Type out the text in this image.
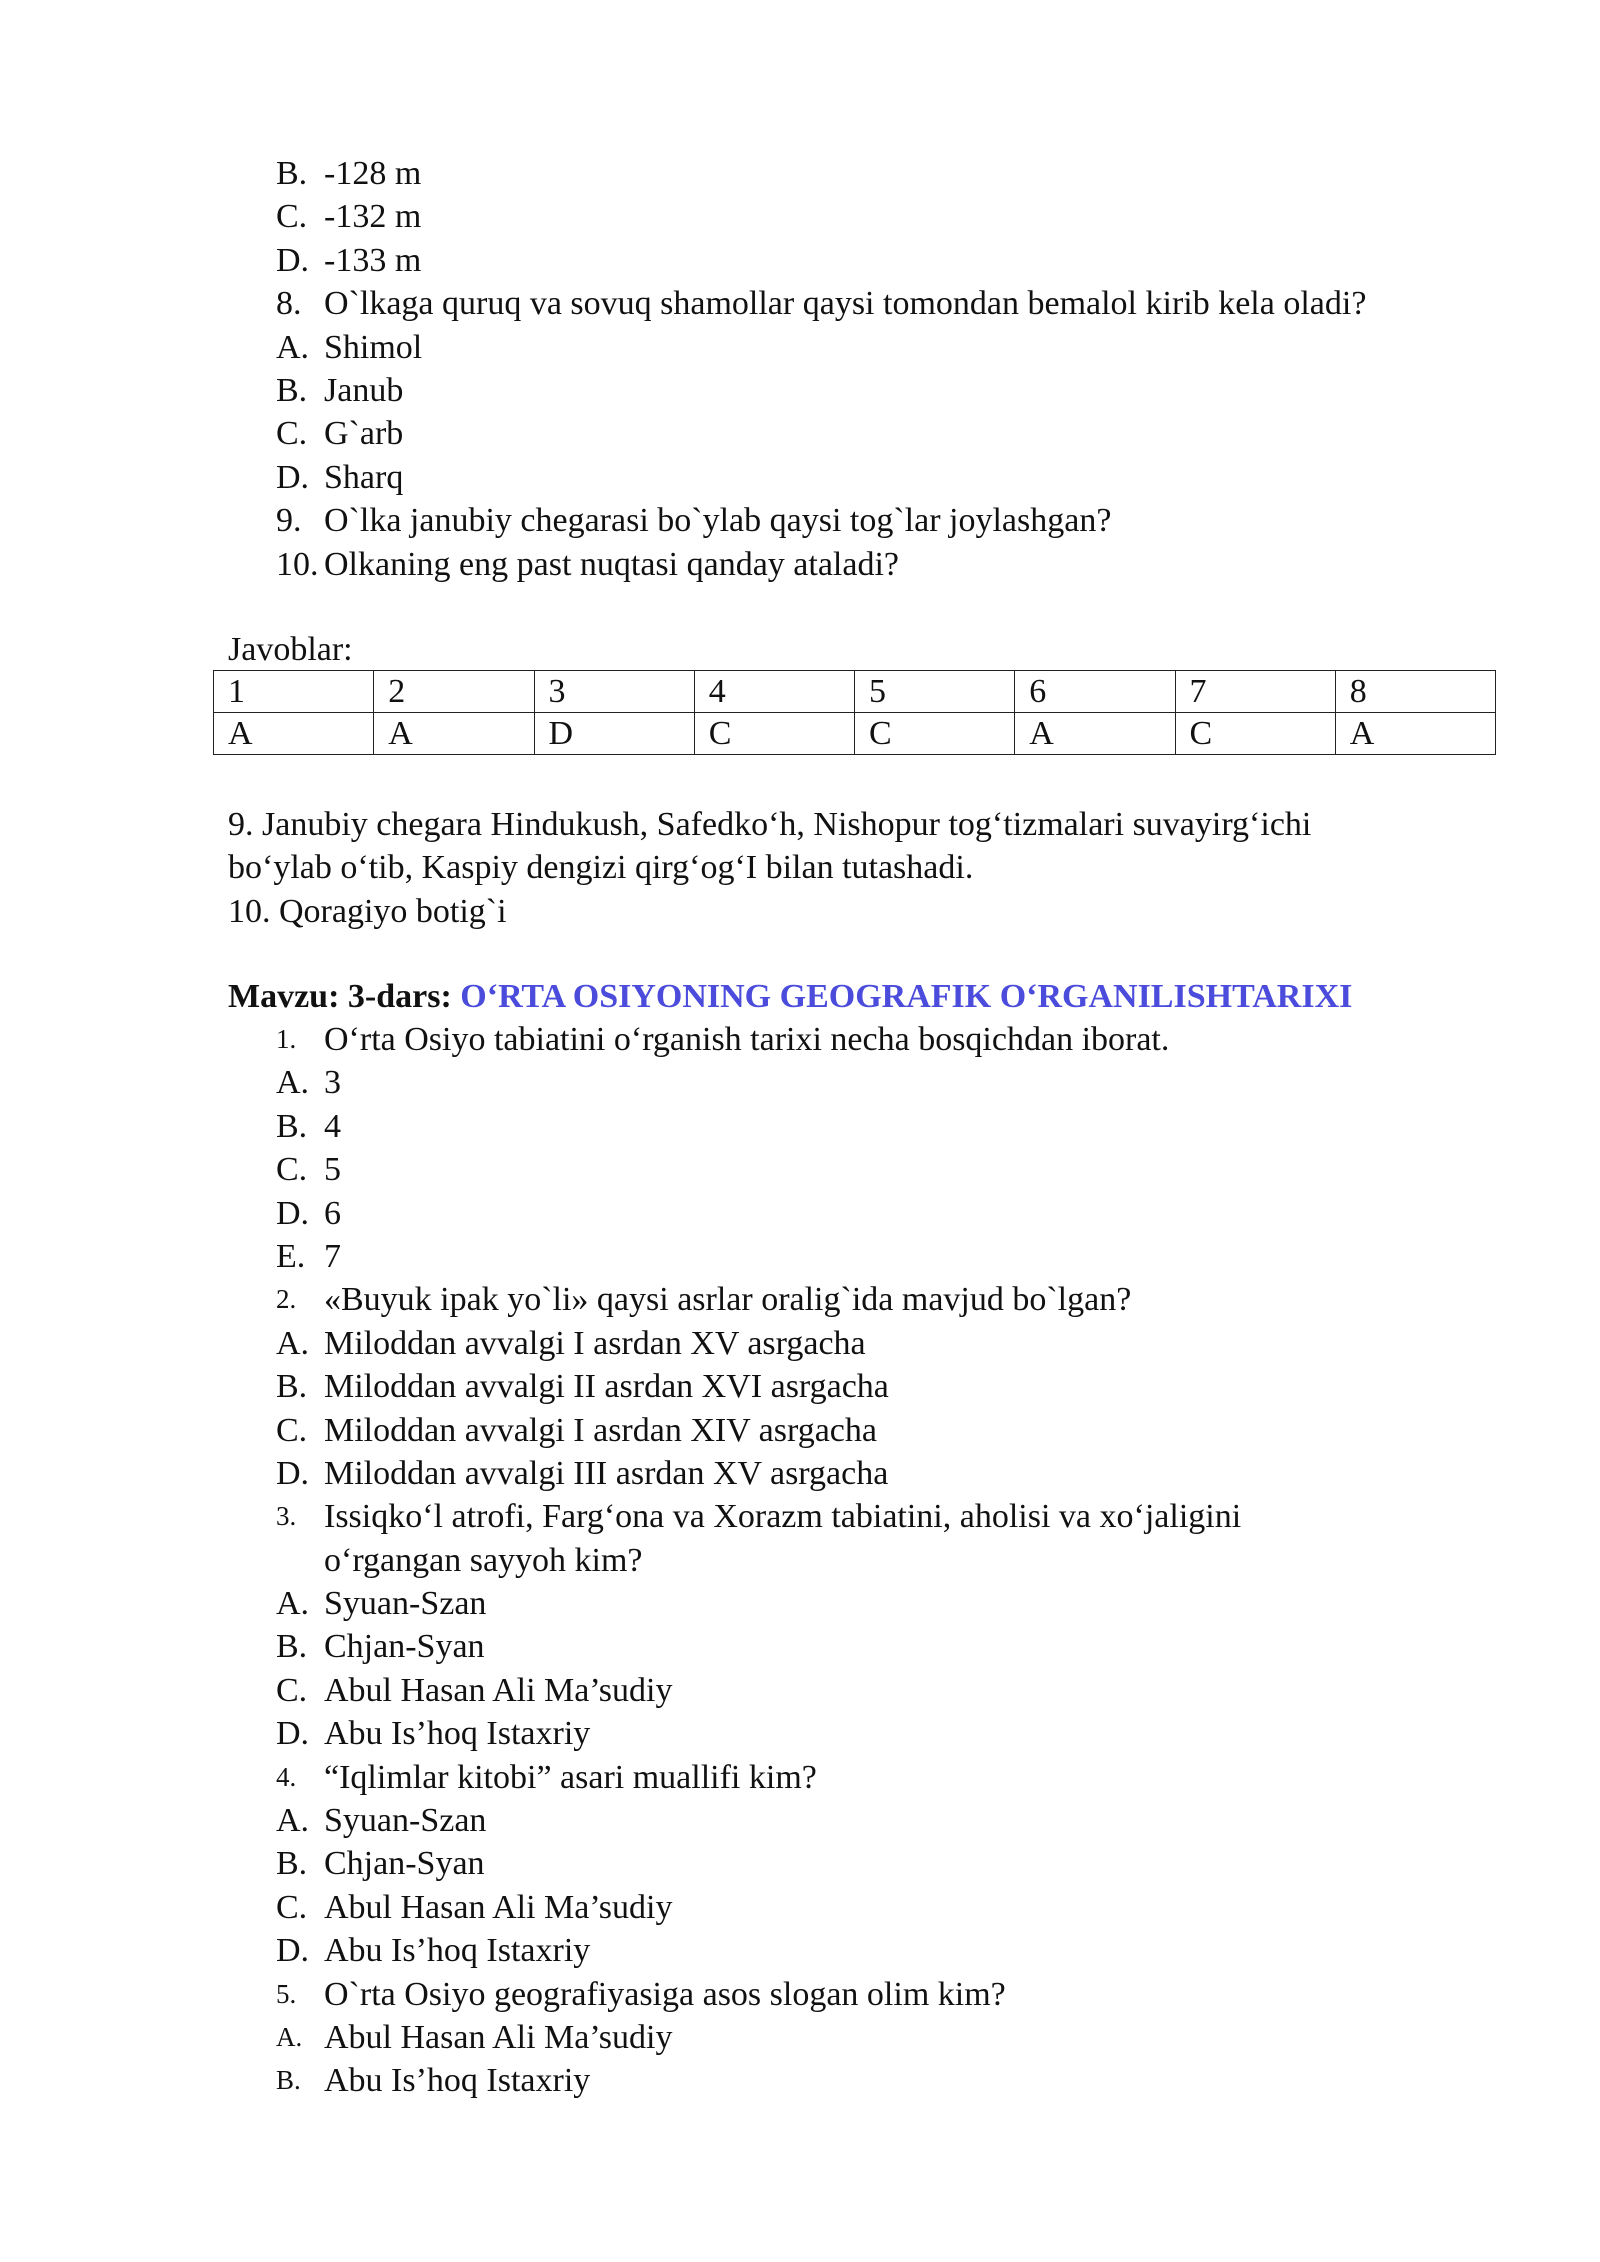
B. -128 m
C. -132 m
D. -133 m
8. O`lkaga quruq va sovuq shamollar qaysi tomondan bemalol kirib kela oladi?
A. Shimol
B. Janub
C. G`arb
D. Sharq
9. O`lka janubiy chegarasi bo`ylab qaysi tog`lar joylashgan?
10. Olkaning eng past nuqtasi qanday ataladi?
Javoblar:
1	2	3	4	5	6	7	8
A	A	D	C	C	A	C	A
9. Janubiy chegara Hindukush, Safedko‘h, Nishopur tog‘tizmalari suvayirg‘ichi
bo‘ylab o‘tib, Kaspiy dengizi qirg‘og‘I bilan tutashadi.
10. Qoragiyo botig`i
Mavzu: 3-dars: O‘RTA OSIYONING GEOGRAFIK O‘RGANILISHTARIXI
1. O‘rta Osiyo tabiatini o‘rganish tarixi necha bosqichdan iborat.
A. 3
B. 4
C. 5
D. 6
E. 7
2. «Buyuk ipak yo`li» qaysi asrlar oralig`ida mavjud bo`lgan?
A. Miloddan avvalgi I asrdan XV asrgacha
B. Miloddan avvalgi II asrdan XVI asrgacha
C. Miloddan avvalgi I asrdan XIV asrgacha
D. Miloddan avvalgi III asrdan XV asrgacha
3. Issiqko‘l atrofi, Farg‘ona va Xorazm tabiatini, aholisi va xo‘jaligini
o‘rgangan sayyoh kim?
A. Syuan-Szan
B. Chjan-Syan
C. Abul Hasan Ali Ma’sudiy
D. Abu Is’hoq Istaxriy
4. “Iqlimlar kitobi” asari muallifi kim?
A. Syuan-Szan
B. Chjan-Syan
C. Abul Hasan Ali Ma’sudiy
D. Abu Is’hoq Istaxriy
5. O`rta Osiyo geografiyasiga asos slogan olim kim?
A. Abul Hasan Ali Ma’sudiy
B. Abu Is’hoq Istaxriy
